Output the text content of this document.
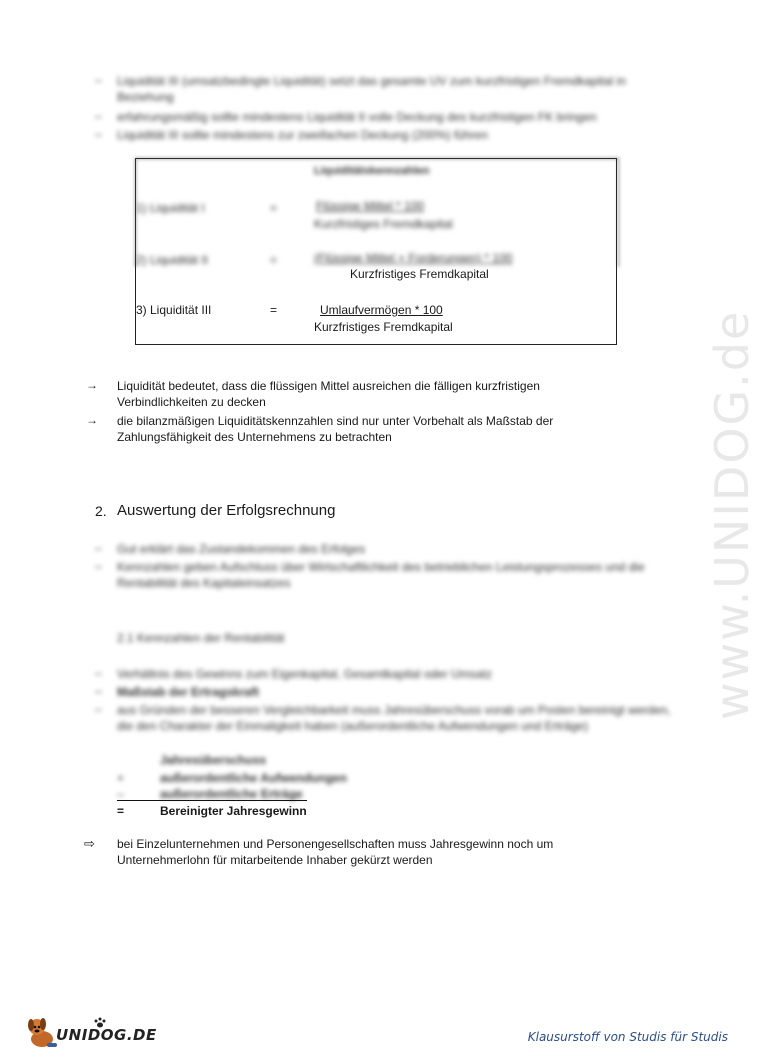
–	Liquidität III (umsatzbedingte Liquidität) setzt das gesamte UV zum kurzfristigen Fremdkapital in Beziehung
–	erfahrungsmäßig sollte mindestens Liquidität II volle Deckung des kurzfristigen FK bringen
–	Liquidität III sollte mindestens zur zweifachen Deckung (200%) führen
Liquiditätskennzahlen
1) Liquidität I	=	Flüssige Mittel * 100
Kurzfristiges Fremdkapital
2) Liquidität II	=	(Flüssige Mittel + Forderungen) * 100
Kurzfristiges Fremdkapital
3) Liquidität III	=	Umlaufvermögen * 100
Kurzfristiges Fremdkapital
→ Liquidität bedeutet, dass die flüssigen Mittel ausreichen die fälligen kurzfristigen Verbindlichkeiten zu decken
→ die bilanzmäßigen Liquiditätskennzahlen sind nur unter Vorbehalt als Maßstab der Zahlungsfähigkeit des Unternehmens zu betrachten
2. Auswertung der Erfolgsrechnung
–	Gut erklärt das Zustandekommen des Erfolges
–	Kennzahlen geben Aufschluss über Wirtschaftlichkeit des betrieblichen Leistungsprozesses und die Rentabilität des Kapitaleinsatzes
2.1 Kennzahlen der Rentabilität
–	Verhältnis des Gewinns zum Eigenkapital, Gesamtkapital oder Umsatz
–	Maßstab der Ertragskraft
–	aus Gründen der besseren Vergleichbarkeit muss Jahresüberschuss vorab um Posten bereinigt werden, die den Charakter der Einmaligkeit haben (außerordentliche Aufwendungen und Erträge)
Jahresüberschuss
+	außerordentliche Aufwendungen
–	außerordentliche Erträge
=	Bereinigter Jahresgewinn
⇨ bei Einzelunternehmen und Personengesellschaften muss Jahresgewinn noch um Unternehmerlohn für mitarbeitende Inhaber gekürzt werden
www.UNIDOG.de
UNIDOG.DE	Klausurstoff von Studis für Studis
